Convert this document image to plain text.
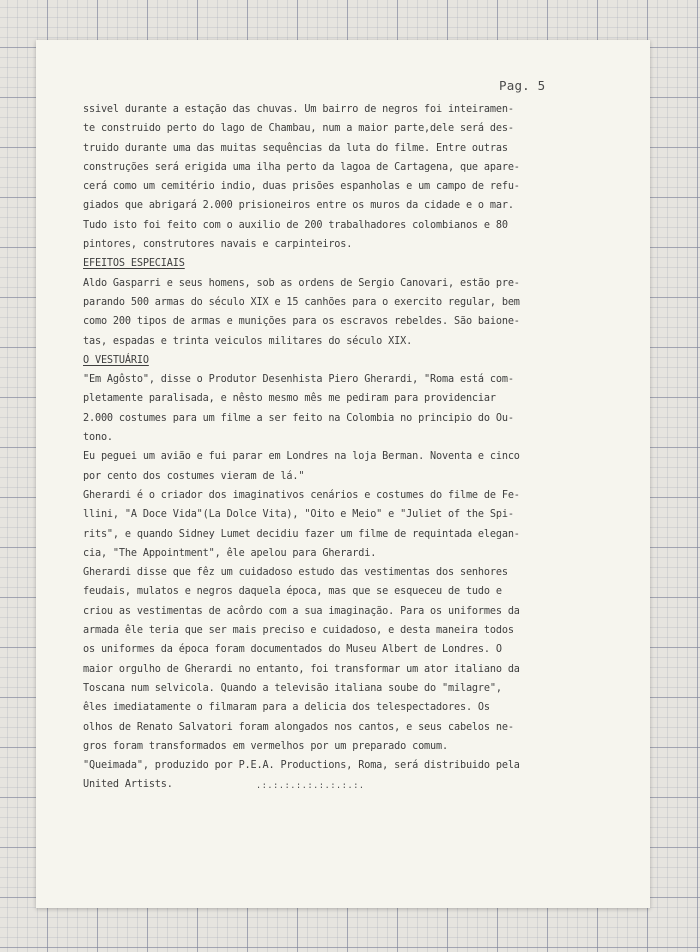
Pag. 5
ssivel durante a estação das chuvas. Um bairro de negros foi inteiramen-
te construido perto do lago de Chambau, num a maior parte,dele será des-
truido durante uma das muitas sequências da luta do filme. Entre outras
construções será erigida uma ilha perto da lagoa de Cartagena, que apare-
cerá como um cemitério indio, duas prisões espanholas e um campo de refu-
giados que abrigará 2.000 prisioneiros entre os muros da cidade e o mar.
Tudo isto foi feito com o auxilio de 200 trabalhadores colombianos e 80
pintores, construtores navais e carpinteiros.
EFEITOS ESPECIAIS
Aldo Gasparri e seus homens, sob as ordens de Sergio Canovari, estão pre-
parando 500 armas do século XIX e 15 canhões para o exercito regular, bem
como 200 tipos de armas e munições para os escravos rebeldes. São baione-
tas, espadas e trinta veiculos militares do século XIX.
O VESTUÁRIO
"Em Agôsto", disse o Produtor Desenhista Piero Gherardi, "Roma está com-
pletamente paralisada, e nêsto mesmo mês me pediram para providenciar
2.000 costumes para um filme a ser feito na Colombia no principio do Ou-
tono.
Eu peguei um avião e fui parar em Londres na loja Berman. Noventa e cinco
por cento dos costumes vieram de lá."
Gherardi é o criador dos imaginativos cenários e costumes do filme de Fe-
llini, "A Doce Vida"(La Dolce Vita), "Oito e Meio" e "Juliet of the Spi-
rits", e quando Sidney Lumet decidiu fazer um filme de requintada elegan-
cia, "The Appointment", êle apelou para Gherardi.
Gherardi disse que fêz um cuidadoso estudo das vestimentas dos senhores
feudais, mulatos e negros daquela época, mas que se esqueceu de tudo e
criou as vestimentas de acôrdo com a sua imaginação. Para os uniformes da
armada êle teria que ser mais preciso e cuidadoso, e desta maneira todos
os uniformes da época foram documentados do Museu Albert de Londres. O
maior orgulho de Gherardi no entanto, foi transformar um ator italiano da
Toscana num selvicola. Quando a televisão italiana soube do "milagre",
êles imediatamente o filmaram para a delicia dos telespectadores. Os
olhos de Renato Salvatori foram alongados nos cantos, e seus cabelos ne-
gros foram transformados em vermelhos por um preparado comum.
"Queimada", produzido por P.E.A. Productions, Roma, será distribuido pela
United Artists.	.:.:.:.:.:.:.:.:.:.
